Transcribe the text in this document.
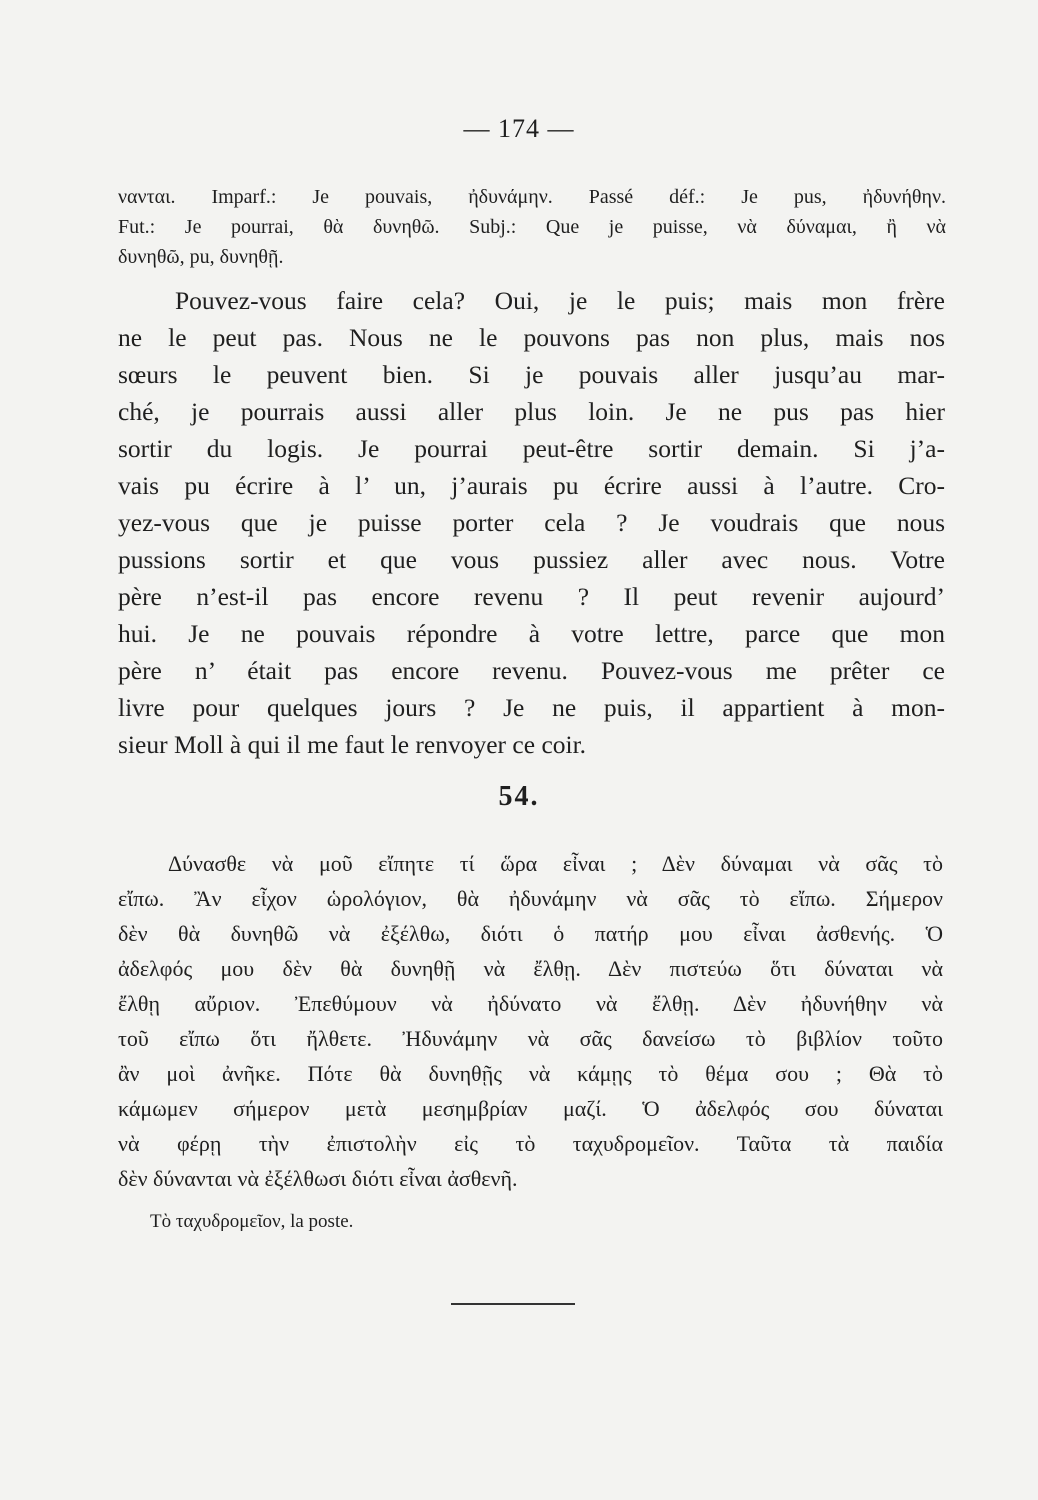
— 174 —
νανται. Imparf.: Je pouvais, ἠδυνάμην. Passé déf.: Je pus, ἠδυνήθην.
Fut.: Je pourrai, θὰ δυνηθῶ. Subj.: Que je puisse, νὰ δύναμαι, ἢ νὰ
δυνηθῶ, pu, δυνηθῇ.
Pouvez-vous faire cela? Oui, je le puis; mais mon frère
ne le peut pas. Nous ne le pouvons pas non plus, mais nos
sœurs le peuvent bien. Si je pouvais aller jusqu’au mar-
ché, je pourrais aussi aller plus loin. Je ne pus pas hier
sortir du logis. Je pourrai peut-être sortir demain. Si j’a-
vais pu écrire à l’ un, j’aurais pu écrire aussi à l’autre. Cro-
yez-vous que je puisse porter cela ? Je voudrais que nous
pussions sortir et que vous pussiez aller avec nous. Votre
père n’est-il pas encore revenu ? Il peut revenir aujourd’
hui. Je ne pouvais répondre à votre lettre, parce que mon
père n’ était pas encore revenu. Pouvez-vous me prêter ce
livre pour quelques jours ? Je ne puis, il appartient à mon-
sieur Moll à qui il me faut le renvoyer ce coir.
54.
Δύνασθε νὰ μοῦ εἴπητε τί ὥρα εἶναι ; Δὲν δύναμαι νὰ σᾶς τὸ
εἴπω. Ἂν εἶχον ὡρολόγιον, θὰ ἠδυνάμην νὰ σᾶς τὸ εἴπω. Σήμερον
δὲν θὰ δυνηθῶ νὰ ἐξέλθω, διότι ὁ πατήρ μου εἶναι ἀσθενής. Ὁ
ἀδελφός μου δὲν θὰ δυνηθῇ νὰ ἔλθῃ. Δὲν πιστεύω ὅτι δύναται νὰ
ἔλθῃ αὔριον. Ἐπεθύμουν νὰ ἠδύνατο νὰ ἔλθῃ. Δὲν ἠδυνήθην νὰ
τοῦ εἴπω ὅτι ἤλθετε. Ἠδυνάμην νὰ σᾶς δανείσω τὸ βιβλίον τοῦτο
ἂν μοὶ ἀνῆκε. Πότε θὰ δυνηθῇς νὰ κάμῃς τὸ θέμα σου ; Θὰ τὸ
κάμωμεν σήμερον μετὰ μεσημβρίαν μαζί. Ὁ ἀδελφός σου δύναται
νὰ φέρῃ τὴν ἐπιστολὴν εἰς τὸ ταχυδρομεῖον. Ταῦτα τὰ παιδία
δὲν δύνανται νὰ ἐξέλθωσι διότι εἶναι ἀσθενῆ.
Τὸ ταχυδρομεῖον, la poste.
